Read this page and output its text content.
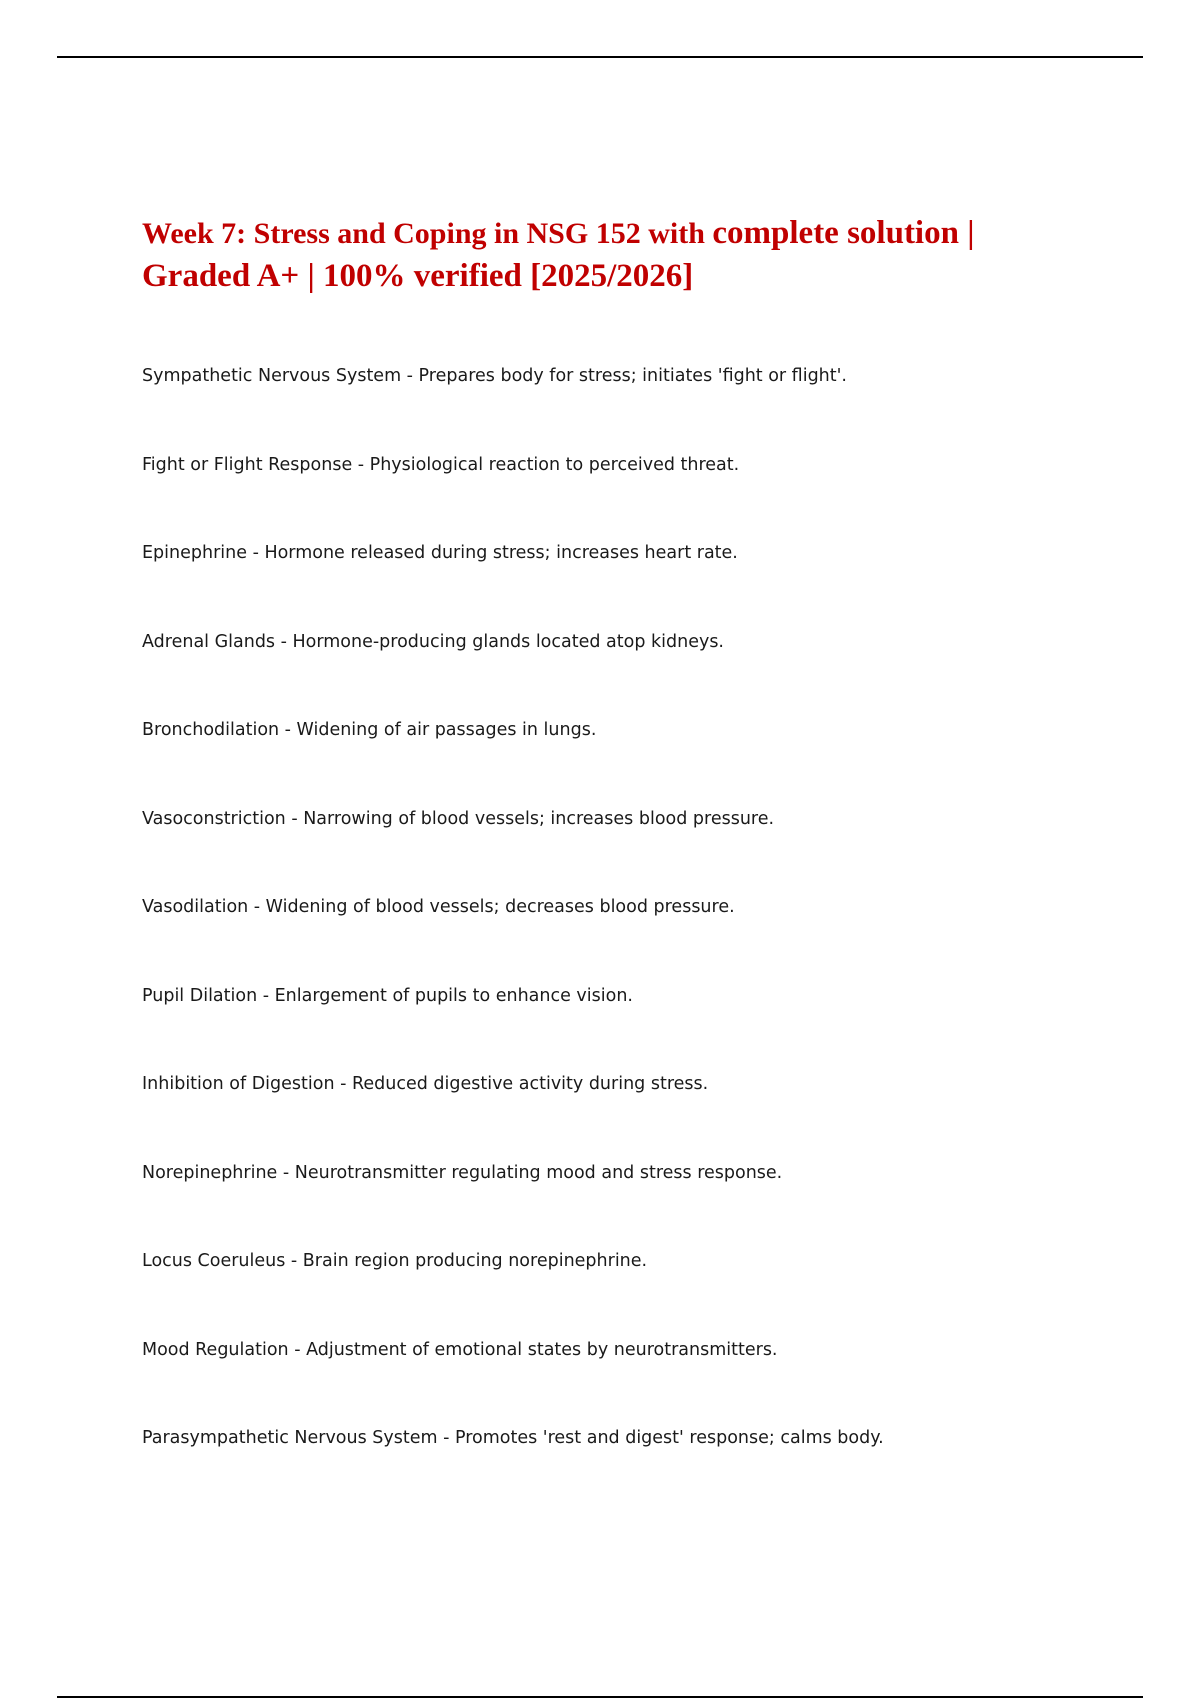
Week 7: Stress and Coping in NSG 152 with complete solution | Graded A+ | 100% verified [2025/2026]
Sympathetic Nervous System - Prepares body for stress; initiates 'fight or flight'.
Fight or Flight Response - Physiological reaction to perceived threat.
Epinephrine - Hormone released during stress; increases heart rate.
Adrenal Glands - Hormone-producing glands located atop kidneys.
Bronchodilation - Widening of air passages in lungs.
Vasoconstriction - Narrowing of blood vessels; increases blood pressure.
Vasodilation - Widening of blood vessels; decreases blood pressure.
Pupil Dilation - Enlargement of pupils to enhance vision.
Inhibition of Digestion - Reduced digestive activity during stress.
Norepinephrine - Neurotransmitter regulating mood and stress response.
Locus Coeruleus - Brain region producing norepinephrine.
Mood Regulation - Adjustment of emotional states by neurotransmitters.
Parasympathetic Nervous System - Promotes 'rest and digest' response; calms body.
